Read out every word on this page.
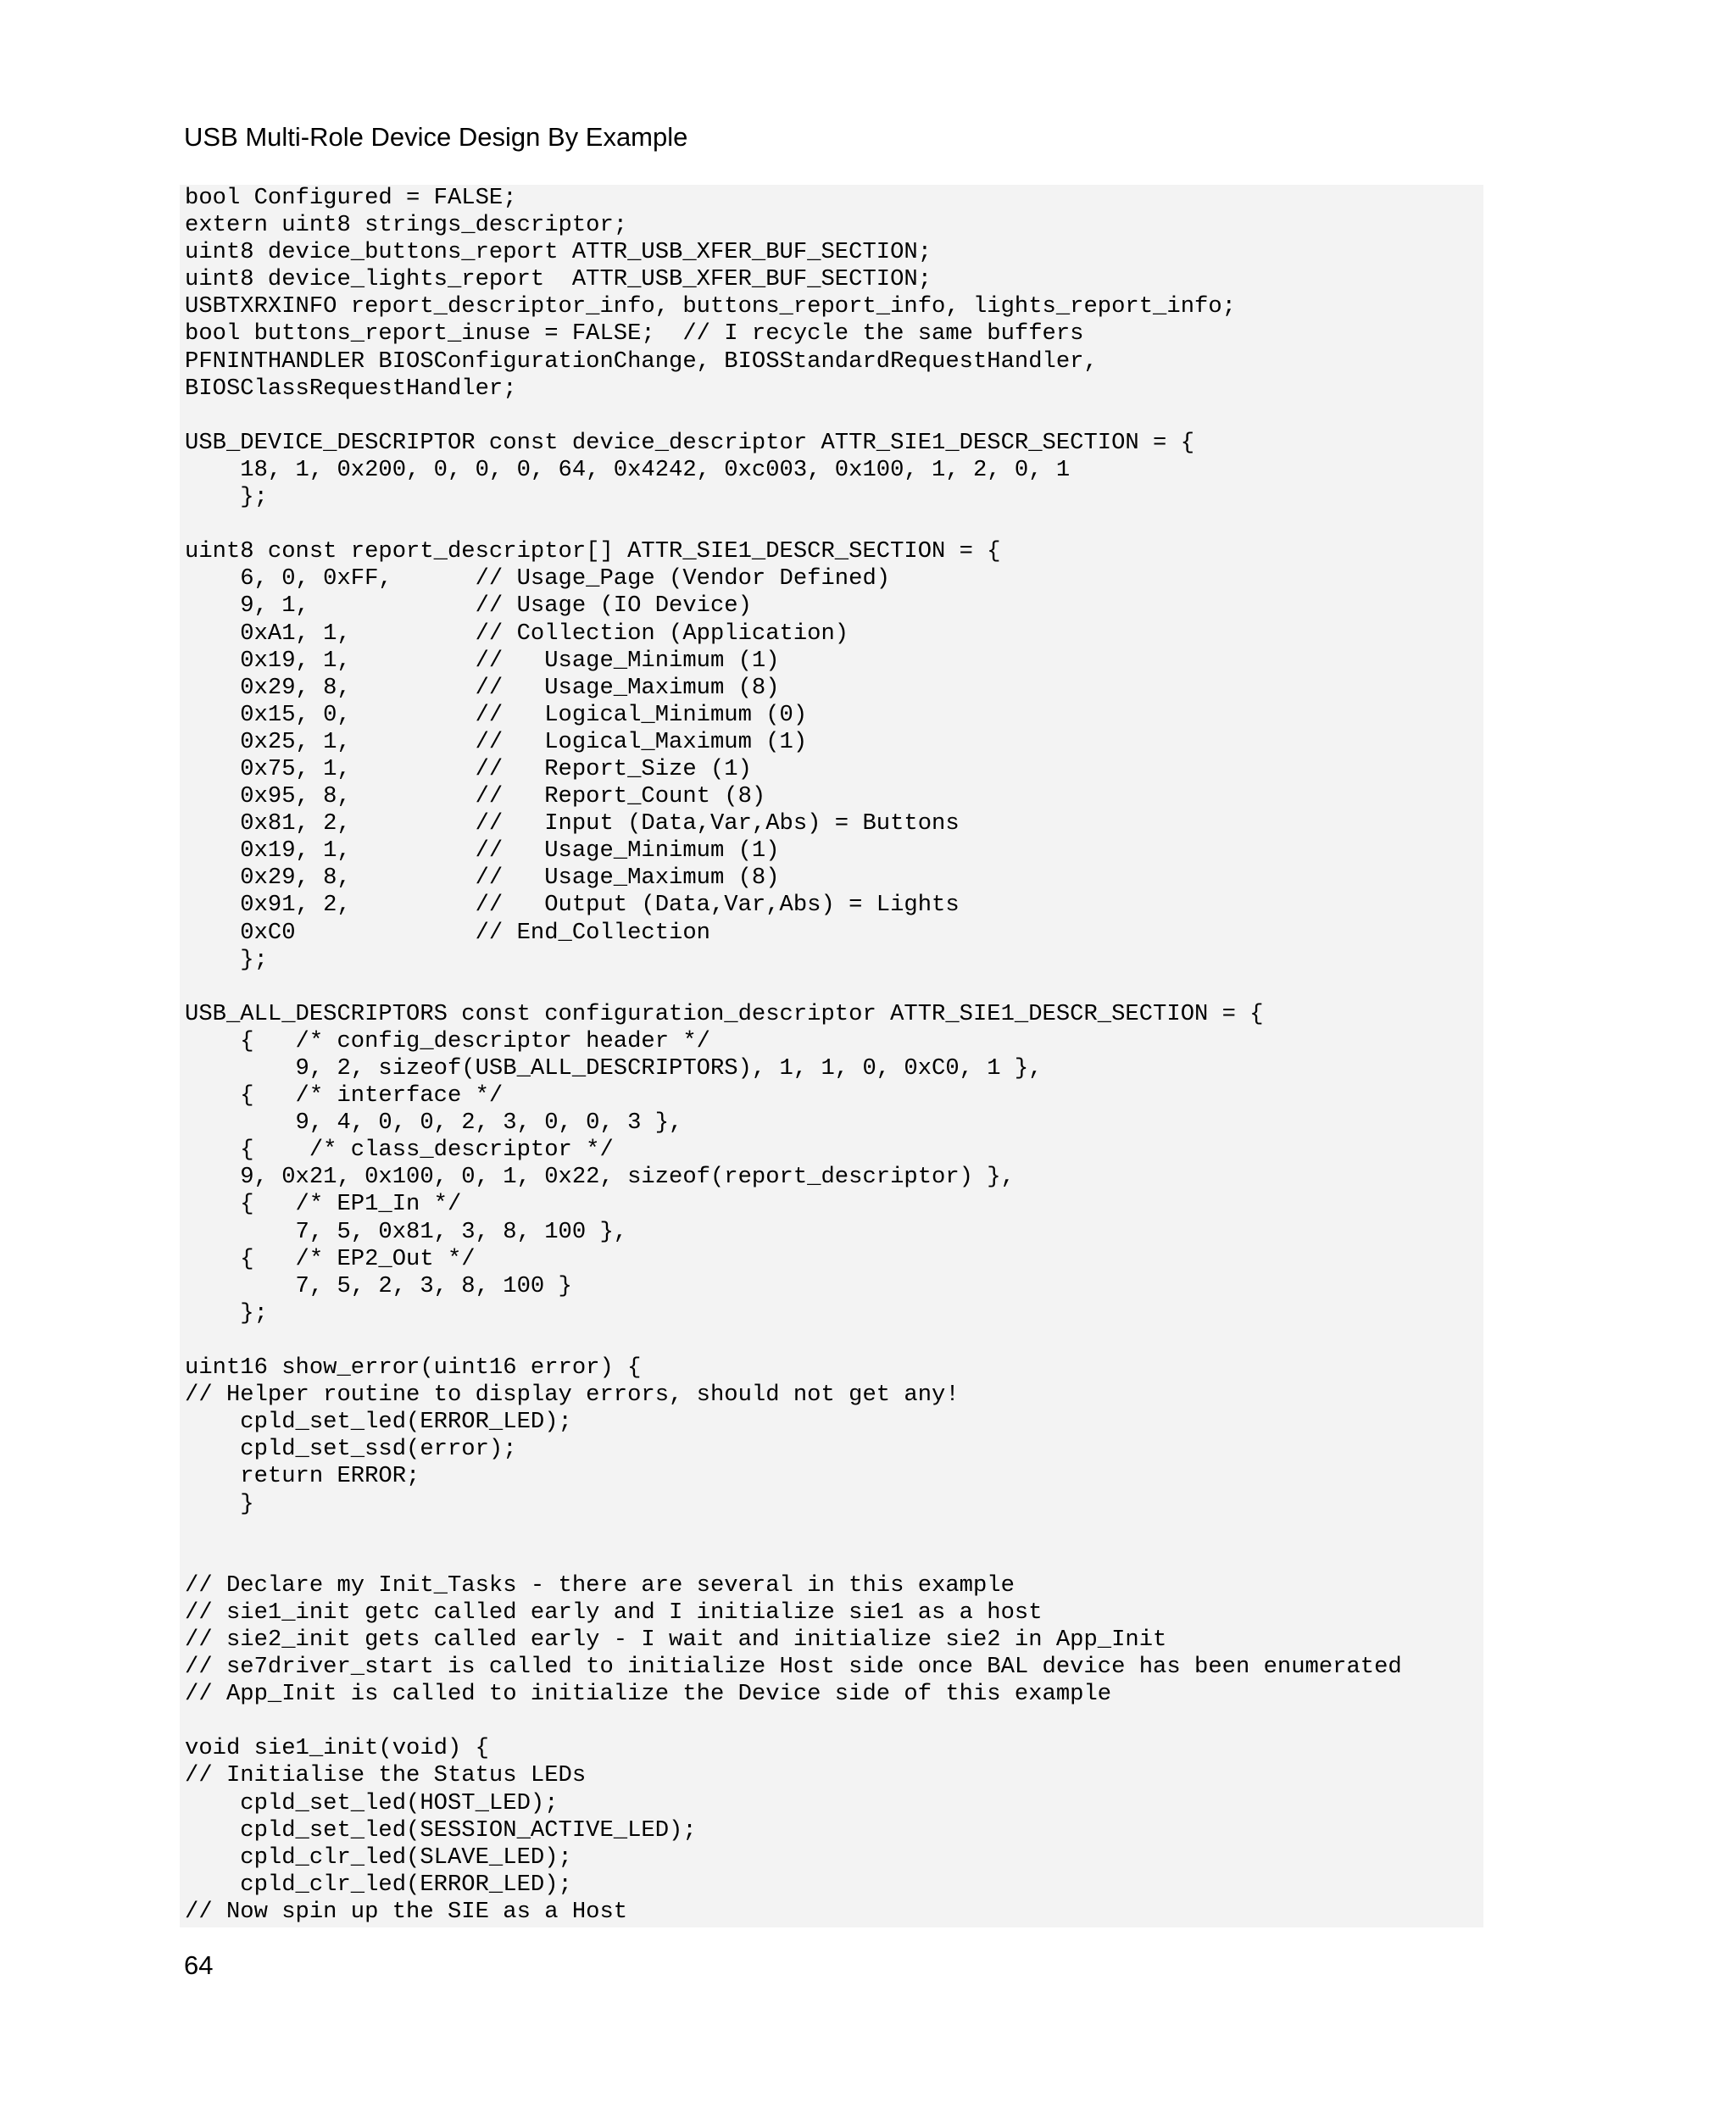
USB Multi-Role Device Design By Example
bool Configured = FALSE;
extern uint8 strings_descriptor;
uint8 device_buttons_report ATTR_USB_XFER_BUF_SECTION;
uint8 device_lights_report  ATTR_USB_XFER_BUF_SECTION;
USBTXRXINFO report_descriptor_info, buttons_report_info, lights_report_info;
bool buttons_report_inuse = FALSE;  // I recycle the same buffers
PFNINTHANDLER BIOSConfigurationChange, BIOSStandardRequestHandler,
BIOSClassRequestHandler;
USB_DEVICE_DESCRIPTOR const device_descriptor ATTR_SIE1_DESCR_SECTION = {
18, 1, 0x200, 0, 0, 0, 64, 0x4242, 0xc003, 0x100, 1, 2, 0, 1
};
uint8 const report_descriptor[] ATTR_SIE1_DESCR_SECTION = {
6, 0, 0xFF,      // Usage_Page (Vendor Defined)
9, 1,            // Usage (IO Device)
0xA1, 1,         // Collection (Application)
0x19, 1,         //   Usage_Minimum (1)
0x29, 8,         //   Usage_Maximum (8)
0x15, 0,         //   Logical_Minimum (0)
0x25, 1,         //   Logical_Maximum (1)
0x75, 1,         //   Report_Size (1)
0x95, 8,         //   Report_Count (8)
0x81, 2,         //   Input (Data,Var,Abs) = Buttons
0x19, 1,         //   Usage_Minimum (1)
0x29, 8,         //   Usage_Maximum (8)
0x91, 2,         //   Output (Data,Var,Abs) = Lights
0xC0             // End_Collection
};
USB_ALL_DESCRIPTORS const configuration_descriptor ATTR_SIE1_DESCR_SECTION = {
{   /* config_descriptor header */
9, 2, sizeof(USB_ALL_DESCRIPTORS), 1, 1, 0, 0xC0, 1 },
{   /* interface */
9, 4, 0, 0, 2, 3, 0, 0, 3 },
{    /* class_descriptor */
9, 0x21, 0x100, 0, 1, 0x22, sizeof(report_descriptor) },
{   /* EP1_In */
7, 5, 0x81, 3, 8, 100 },
{   /* EP2_Out */
7, 5, 2, 3, 8, 100 }
};
uint16 show_error(uint16 error) {
// Helper routine to display errors, should not get any!
cpld_set_led(ERROR_LED);
cpld_set_ssd(error);
return ERROR;
}
// Declare my Init_Tasks - there are several in this example
// sie1_init getc called early and I initialize sie1 as a host
// sie2_init gets called early - I wait and initialize sie2 in App_Init
// se7driver_start is called to initialize Host side once BAL device has been enumerated
// App_Init is called to initialize the Device side of this example
void sie1_init(void) {
// Initialise the Status LEDs
cpld_set_led(HOST_LED);
cpld_set_led(SESSION_ACTIVE_LED);
cpld_clr_led(SLAVE_LED);
cpld_clr_led(ERROR_LED);
// Now spin up the SIE as a Host
64
